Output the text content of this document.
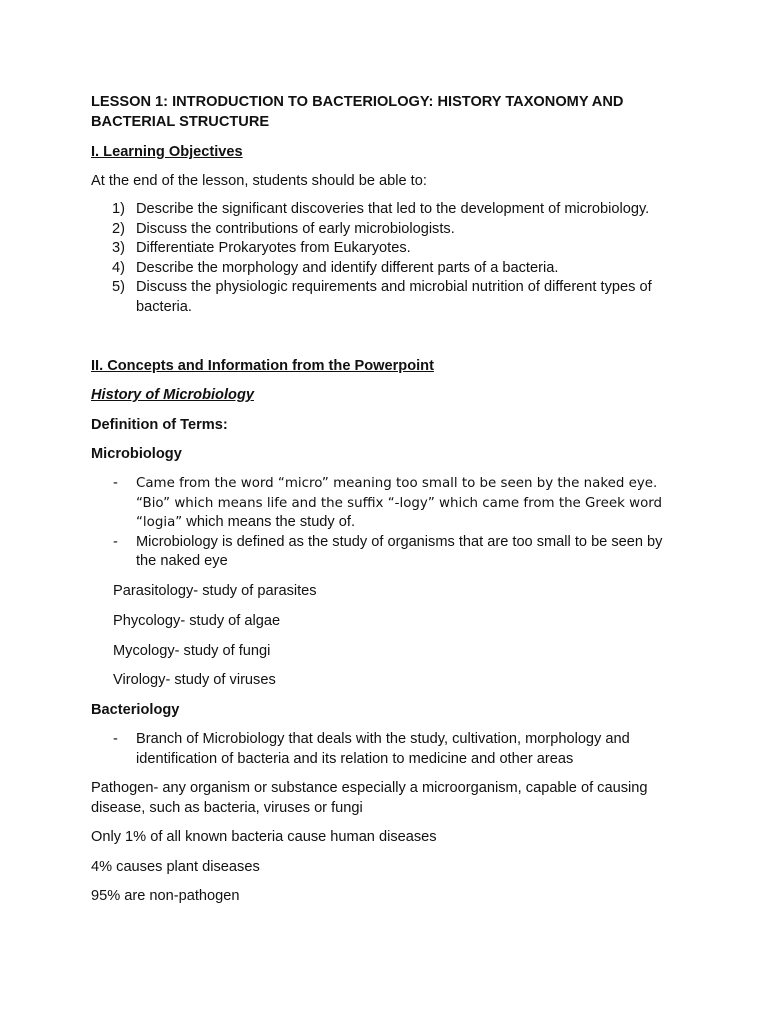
LESSON 1: INTRODUCTION TO BACTERIOLOGY: HISTORY TAXONOMY AND BACTERIAL STRUCTURE
I. Learning Objectives
At the end of the lesson, students should be able to:
1) Describe the significant discoveries that led to the development of microbiology.
2) Discuss the contributions of early microbiologists.
3) Differentiate Prokaryotes from Eukaryotes.
4) Describe the morphology and identify different parts of a bacteria.
5) Discuss the physiologic requirements and microbial nutrition of different types of bacteria.
II. Concepts and Information from the Powerpoint
History of Microbiology
Definition of Terms:
Microbiology
-	Came from the word “micro” meaning too small to be seen by the naked eye. “Bio” which means life and the suffix “-logy” which came from the Greek word “logia” which means the study of.
-	Microbiology is defined as the study of organisms that are too small to be seen by the naked eye
Parasitology- study of parasites
Phycology- study of algae
Mycology- study of fungi
Virology- study of viruses
Bacteriology
-	Branch of Microbiology that deals with the study, cultivation, morphology and identification of bacteria and its relation to medicine and other areas
Pathogen- any organism or substance especially a microorganism, capable of causing disease, such as bacteria, viruses or fungi
Only 1% of all known bacteria cause human diseases
4% causes plant diseases
95% are non-pathogen
